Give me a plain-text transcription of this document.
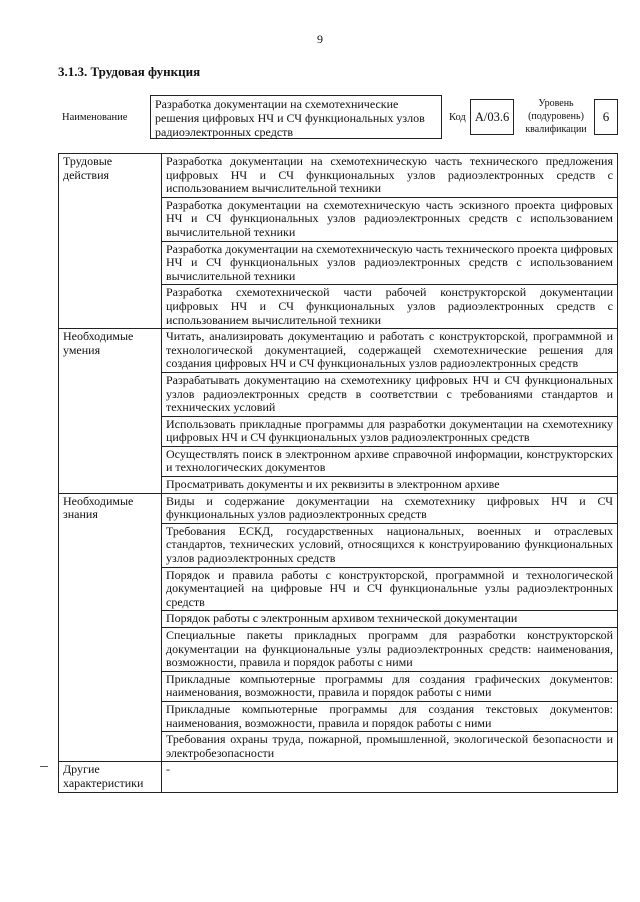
9
3.1.3. Трудовая функция
Наименование
Разработка документации на схемотехнические решения цифровых НЧ и СЧ функциональных узлов радиоэлектронных средств
Код А/03.6
Уровень (подуровень) квалификации
6
Трудовые действия	Разработка документации на схемотехническую часть технического предложения цифровых НЧ и СЧ функциональных узлов радиоэлектронных средств с использованием вычислительной техники
	Разработка документации на схемотехническую часть эскизного проекта цифровых НЧ и СЧ функциональных узлов радиоэлектронных средств с использованием вычислительной техники
	Разработка документации на схемотехническую часть технического проекта цифровых НЧ и СЧ функциональных узлов радиоэлектронных средств с использованием вычислительной техники
	Разработка схемотехнической части рабочей конструкторской документации цифровых НЧ и СЧ функциональных узлов радиоэлектронных средств с использованием вычислительной техники
Необходимые умения	Читать, анализировать документацию и работать с конструкторской, программной и технологической документацией, содержащей схемотехнические решения для создания цифровых НЧ и СЧ функциональных узлов радиоэлектронных средств
	Разрабатывать документацию на схемотехнику цифровых НЧ и СЧ функциональных узлов радиоэлектронных средств в соответствии с требованиями стандартов и технических условий
	Использовать прикладные программы для разработки документации на схемотехнику цифровых НЧ и СЧ функциональных узлов радиоэлектронных средств
	Осуществлять поиск в электронном архиве справочной информации, конструкторских и технологических документов
	Просматривать документы и их реквизиты в электронном архиве
Необходимые знания	Виды и содержание документации на схемотехнику цифровых НЧ и СЧ функциональных узлов радиоэлектронных средств
	Требования ЕСКД, государственных национальных, военных и отраслевых стандартов, технических условий, относящихся к конструированию функциональных узлов радиоэлектронных средств
	Порядок и правила работы с конструкторской, программной и технологической документацией на цифровые НЧ и СЧ функциональные узлы радиоэлектронных средств
	Порядок работы с электронным архивом технической документации
	Специальные пакеты прикладных программ для разработки конструкторской документации на функциональные узлы радиоэлектронных средств: наименования, возможности, правила и порядок работы с ними
	Прикладные компьютерные программы для создания графических документов: наименования, возможности, правила и порядок работы с ними
	Прикладные компьютерные программы для создания текстовых документов: наименования, возможности, правила и порядок работы с ними
	Требования охраны труда, пожарной, промышленной, экологической безопасности и электробезопасности
Другие характеристики	-
